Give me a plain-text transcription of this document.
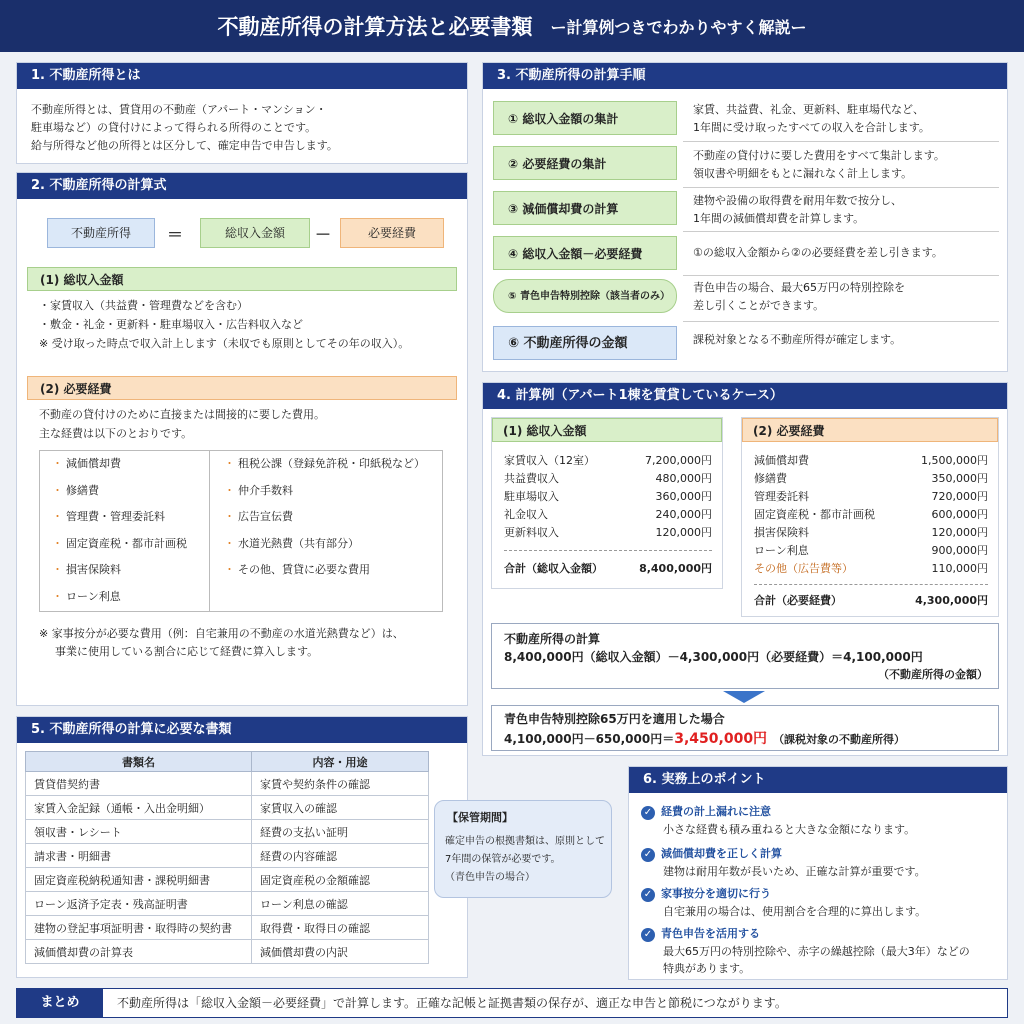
不動産所得の計算方法と必要書類 ー計算例つきでわかりやすく解説ー
1. 不動産所得とは
不動産所得とは、賃貸用の不動産（アパート・マンション・
駐車場など）の貸付けによって得られる所得のことです。
給与所得など他の所得とは区分して、確定申告で申告します。
2. 不動産所得の計算式
不動産所得	＝	総収入金額	－	必要経費
(1) 総収入金額
・家賃収入（共益費・管理費などを含む）
・敷金・礼金・更新料・駐車場収入・広告料収入など
※ 受け取った時点で収入計上します（未収でも原則としてその年の収入）。
(2) 必要経費
不動産の貸付けのために直接または間接的に要した費用。
主な経費は以下のとおりです。
・ 減価償却費
・ 修繕費
・ 管理費・管理委託料
・ 固定資産税・都市計画税
・ 損害保険料
・ ローン利息
・ 租税公課（登録免許税・印紙税など）
・ 仲介手数料
・ 広告宣伝費
・ 水道光熱費（共有部分）
・ その他、賃貸に必要な費用
※ 家事按分が必要な費用（例：自宅兼用の不動産の水道光熱費など）は、
事業に使用している割合に応じて経費に算入します。
3. 不動産所得の計算手順
① 総収入金額の集計
家賃、共益費、礼金、更新料、駐車場代など、
1年間に受け取ったすべての収入を合計します。
② 必要経費の集計
不動産の貸付けに要した費用をすべて集計します。
領収書や明細をもとに漏れなく計上します。
③ 減価償却費の計算
建物や設備の取得費を耐用年数で按分し、
1年間の減価償却費を計算します。
④ 総収入金額－必要経費	①の総収入金額から②の必要経費を差し引きます。
⑤ 青色申告特別控除（該当者のみ）
青色申告の場合、最大65万円の特別控除を
差し引くことができます。
⑥ 不動産所得の金額	課税対象となる不動産所得が確定します。
4. 計算例（アパート1棟を賃貸しているケース）
(1) 総収入金額
家賃収入（12室）	7,200,000円
共益費収入	480,000円
駐車場収入	360,000円
礼金収入	240,000円
更新料収入	120,000円
合計（総収入金額）	8,400,000円
(2) 必要経費
減価償却費	1,500,000円
修繕費	350,000円
管理委託料	720,000円
固定資産税・都市計画税	600,000円
損害保険料	120,000円
ローン利息	900,000円
その他（広告費等）	110,000円
合計（必要経費）	4,300,000円
不動産所得の計算
8,400,000円（総収入金額）－4,300,000円（必要経費）＝4,100,000円
（不動産所得の金額）
青色申告特別控除65万円を適用した場合
4,100,000円－650,000円＝3,450,000円 （課税対象の不動産所得）
5. 不動産所得の計算に必要な書類
書類名	内容・用途
賃貸借契約書	家賃や契約条件の確認
家賃入金記録（通帳・入出金明細）	家賃収入の確認
領収書・レシート	経費の支払い証明
請求書・明細書	経費の内容確認
固定資産税納税通知書・課税明細書	固定資産税の金額確認
ローン返済予定表・残高証明書	ローン利息の確認
建物の登記事項証明書・取得時の契約書	取得費・取得日の確認
減価償却費の計算表	減価償却費の内訳
【保管期間】
確定申告の根拠書類は、原則として
7年間の保管が必要です。
（青色申告の場合）
6. 実務上のポイント
✓ 経費の計上漏れに注意
小さな経費も積み重ねると大きな金額になります。
✓ 減価償却費を正しく計算
建物は耐用年数が長いため、正確な計算が重要です。
✓ 家事按分を適切に行う
自宅兼用の場合は、使用割合を合理的に算出します。
✓ 青色申告を活用する
最大65万円の特別控除や、赤字の繰越控除（最大3年）などの
特典があります。
まとめ	不動産所得は「総収入金額－必要経費」で計算します。正確な記帳と証拠書類の保存が、適正な申告と節税につながります。
